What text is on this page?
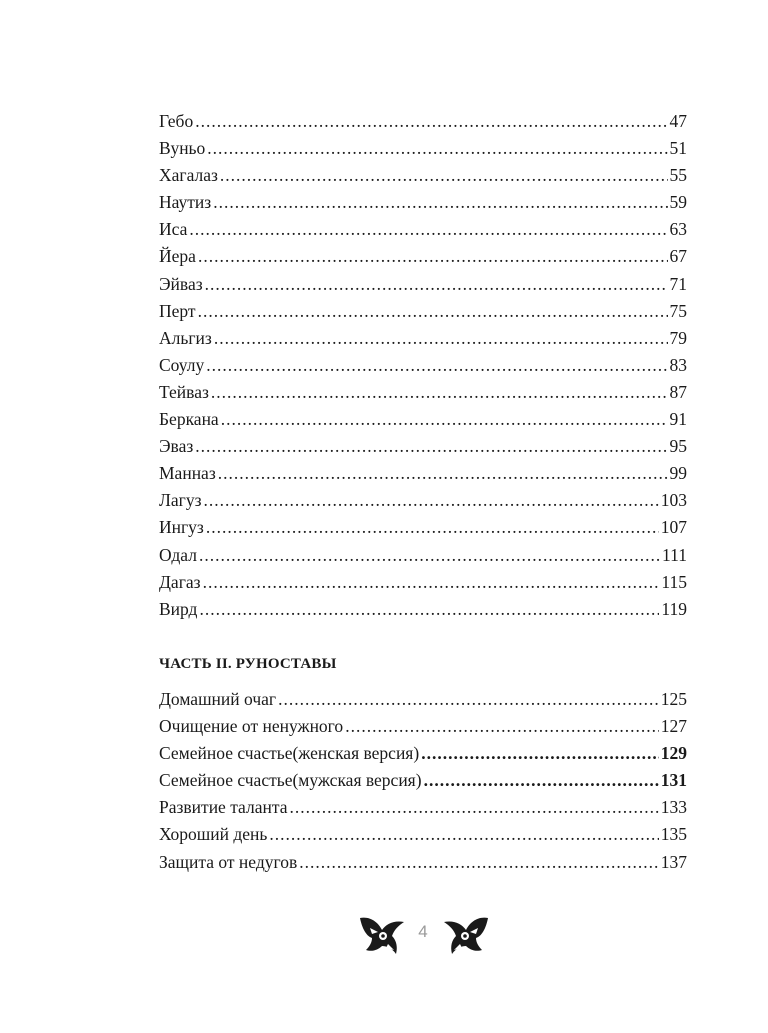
Гебо .....	47
Вуньо .....	51
Хагалаз .....	55
Наутиз .....	59
Иса .....	63
Йера .....	67
Эйваз .....	71
Перт .....	75
Альгиз .....	79
Соулу .....	83
Тейваз .....	87
Беркана .....	91
Эваз .....	95
Манназ .....	99
Лагуз .....	103
Ингуз .....	107
Одал .....	111
Дагаз .....	115
Вирд .....	119
ЧАСТЬ II. РУНОСТАВЫ
Домашний очаг .....	125
Очищение от ненужного .....	127
Семейное счастье(женская версия) .....	129
Семейное счастье(мужская версия) .....	131
Развитие таланта .....	133
Хороший день .....	135
Защита от недугов .....	137
4
